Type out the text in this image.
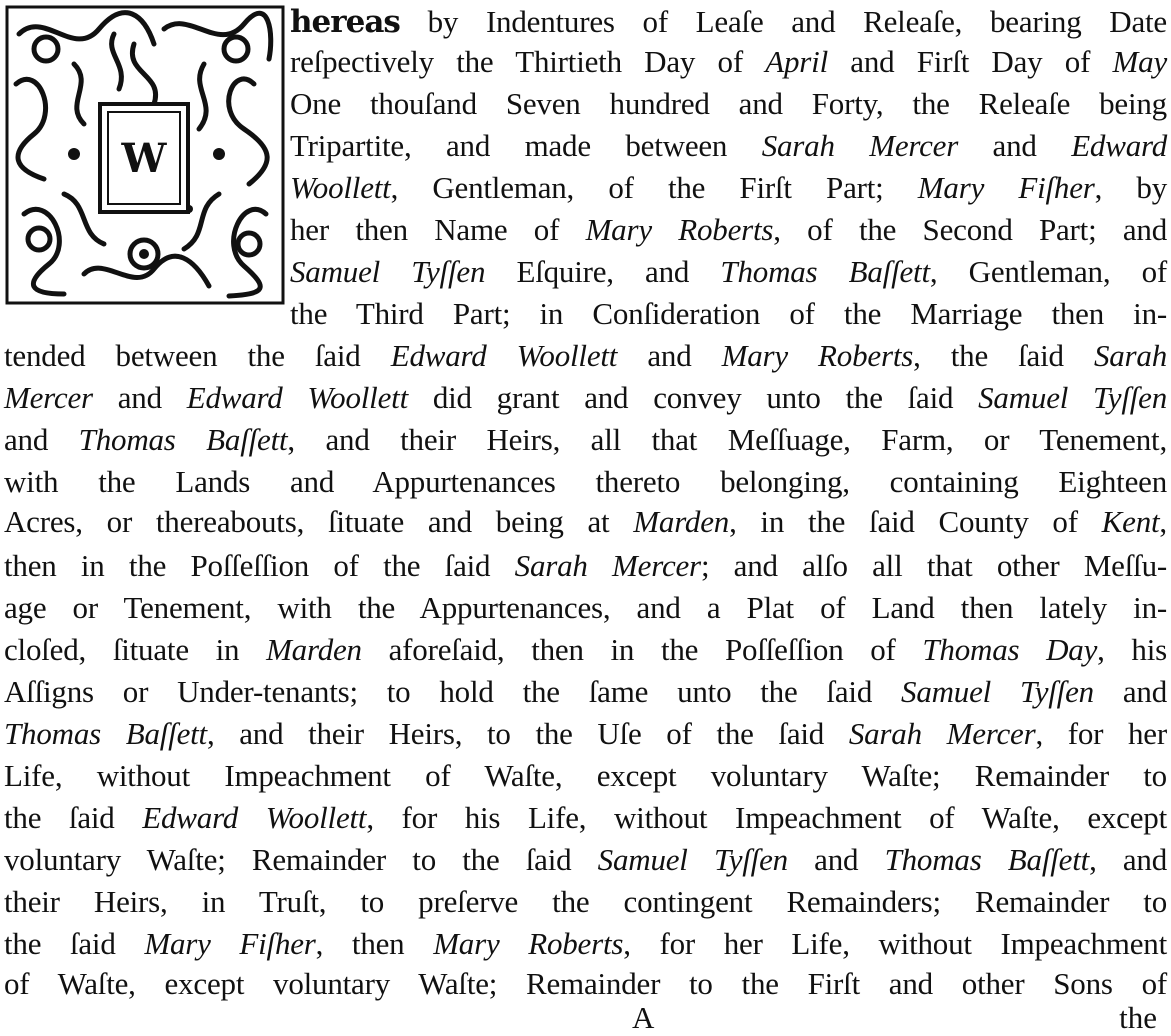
W
hereas by Indentures of Leaſe and Releaſe, bearing Date
reſpectively the Thirtieth Day of April and Firſt Day of May
One thouſand Seven hundred and Forty, the Releaſe being
Tripartite, and made between Sarah Mercer and Edward
Woollett, Gentleman, of the Firſt Part; Mary Fiſher, by
her then Name of Mary Roberts, of the Second Part; and
Samuel Tyſſen Eſquire, and Thomas Baſſett, Gentleman, of
the Third Part; in Conſideration of the Marriage then in-
tended between the ſaid Edward Woollett and Mary Roberts, the ſaid Sarah
Mercer and Edward Woollett did grant and convey unto the ſaid Samuel Tyſſen
and Thomas Baſſett, and their Heirs, all that Meſſuage, Farm, or Tenement,
with the Lands and Appurtenances thereto belonging, containing Eighteen
Acres, or thereabouts, ſituate and being at Marden, in the ſaid County of Kent,
then in the Poſſeſſion of the ſaid Sarah Mercer; and alſo all that other Meſſu-
age or Tenement, with the Appurtenances, and a Plat of Land then lately in-
cloſed, ſituate in Marden aforeſaid, then in the Poſſeſſion of Thomas Day, his
Aſſigns or Under-tenants; to hold the ſame unto the ſaid Samuel Tyſſen and
Thomas Baſſett, and their Heirs, to the Uſe of the ſaid Sarah Mercer, for her
Life, without Impeachment of Waſte, except voluntary Waſte; Remainder to
the ſaid Edward Woollett, for his Life, without Impeachment of Waſte, except
voluntary Waſte; Remainder to the ſaid Samuel Tyſſen and Thomas Baſſett, and
their Heirs, in Truſt, to preſerve the contingent Remainders; Remainder to
the ſaid Mary Fiſher, then Mary Roberts, for her Life, without Impeachment
of Waſte, except voluntary Waſte; Remainder to the Firſt and other Sons of
A	the
